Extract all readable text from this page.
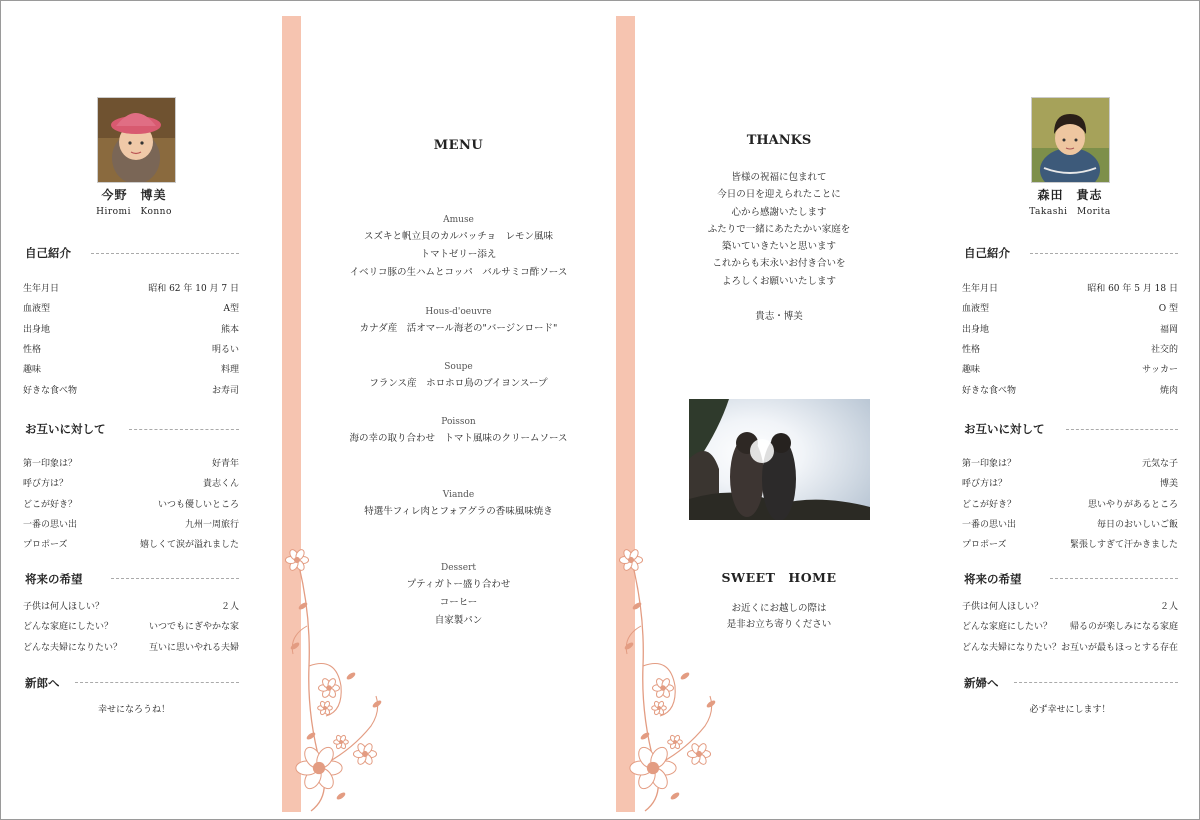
今野　博美
Hiromi　Konno
自己紹介
生年月日	昭和 62 年 10 月 7 日
血液型	A型
出身地	熊本
性格	明るい
趣味	料理
好きな食べ物	お寿司
お互いに対して
第一印象は？	好青年
呼び方は？	貴志くん
どこが好き？	いつも優しいところ
一番の思い出	九州一周旅行
プロポーズ	嬉しくて涙が溢れました
将来の希望
子供は何人ほしい？	２人
どんな家庭にしたい？	いつでもにぎやかな家
どんな夫婦になりたい？	互いに思いやれる夫婦
新郎へ
幸せになろうね！
MENU
Amuse
スズキと帆立貝のカルパッチョ　レモン風味
トマトゼリー添え
イベリコ豚の生ハムとコッパ　バルサミコ酢ソース
Hous-d'oeuvre
カナダ産　活オマール海老の"バージンロード"
Soupe
フランス産　ホロホロ鳥のブイヨンスープ
Poisson
海の幸の取り合わせ　トマト風味のクリームソース
Viande
特選牛フィレ肉とフォアグラの香味風味焼き
Dessert
プティガトー盛り合わせ
コーヒー
自家製パン
THANKS
皆様の祝福に包まれて
今日の日を迎えられたことに
心から感謝いたします
ふたりで一緒にあたたかい家庭を
築いていきたいと思います
これからも末永いお付き合いを
よろしくお願いいたします
貴志・博美
SWEET　HOME
お近くにお越しの際は
是非お立ち寄りください
森田　貴志
Takashi　Morita
自己紹介
生年月日	昭和 60 年 5 月 18 日
血液型	O 型
出身地	福岡
性格	社交的
趣味	サッカー
好きな食べ物	焼肉
お互いに対して
第一印象は？	元気な子
呼び方は？	博美
どこが好き？	思いやりがあるところ
一番の思い出	毎日のおいしいご飯
プロポーズ	緊張しすぎて汗かきました
将来の希望
子供は何人ほしい？	２人
どんな家庭にしたい？ 帰るのが楽しみになる家庭
どんな夫婦になりたい？ お互いが最もほっとする存在
新婦へ
必ず幸せにします！
